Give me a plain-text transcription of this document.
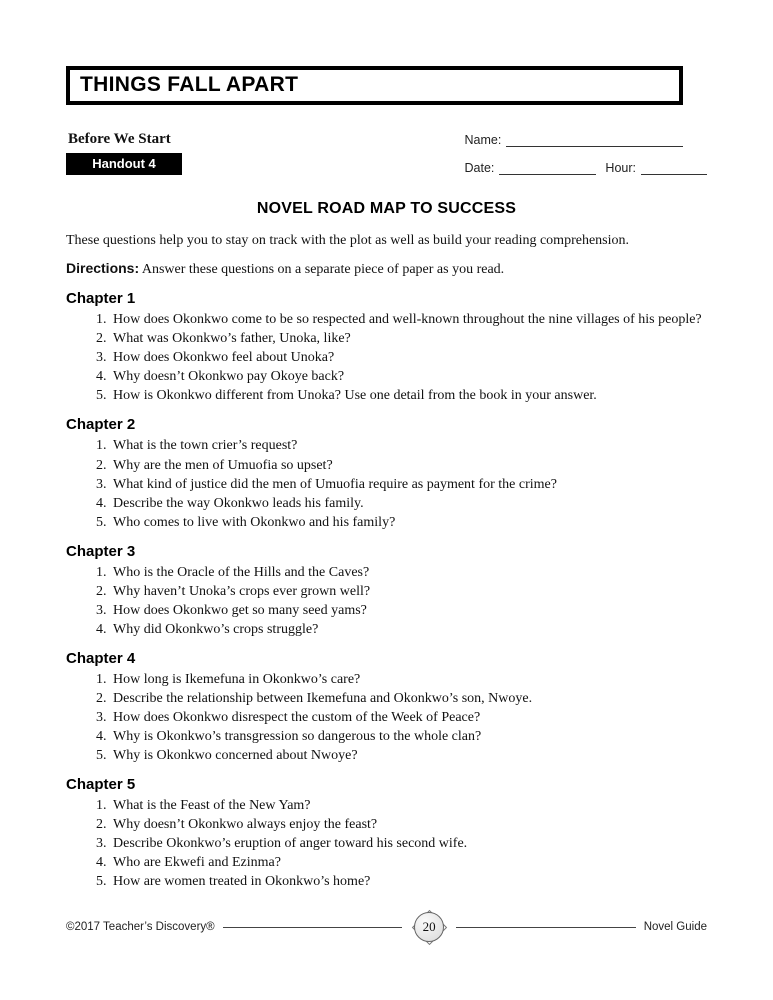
THINGS FALL APART

Before We Start

Handout 4
Name:
Date:	Hour:
NOVEL ROAD MAP TO SUCCESS

These questions help you to stay on track with the plot as well as build your reading comprehension.

Directions: Answer these questions on a separate piece of paper as you read.

Chapter 1
1. How does Okonkwo come to be so respected and well-known throughout the nine villages of his people?
2. What was Okonkwo’s father, Unoka, like?
3. How does Okonkwo feel about Unoka?
4. Why doesn’t Okonkwo pay Okoye back?
5. How is Okonkwo different from Unoka? Use one detail from the book in your answer.
Chapter 2
1. What is the town crier’s request?
2. Why are the men of Umuofia so upset?
3. What kind of justice did the men of Umuofia require as payment for the crime?
4. Describe the way Okonkwo leads his family.
5. Who comes to live with Okonkwo and his family?
Chapter 3
1. Who is the Oracle of the Hills and the Caves?
2. Why haven’t Unoka’s crops ever grown well?
3. How does Okonkwo get so many seed yams?
4. Why did Okonkwo’s crops struggle?
Chapter 4
1. How long is Ikemefuna in Okonkwo’s care?
2. Describe the relationship between Ikemefuna and Okonkwo’s son, Nwoye.
3. How does Okonkwo disrespect the custom of the Week of Peace?
4. Why is Okonkwo’s transgression so dangerous to the whole clan?
5. Why is Okonkwo concerned about Nwoye?
Chapter 5
1. What is the Feast of the New Yam?
2. Why doesn’t Okonkwo always enjoy the feast?
3. Describe Okonkwo’s eruption of anger toward his second wife.
4. Who are Ekwefi and Ezinma?
5. How are women treated in Okonkwo’s home?
©2017 Teacher’s Discovery®	20	Novel Guide
